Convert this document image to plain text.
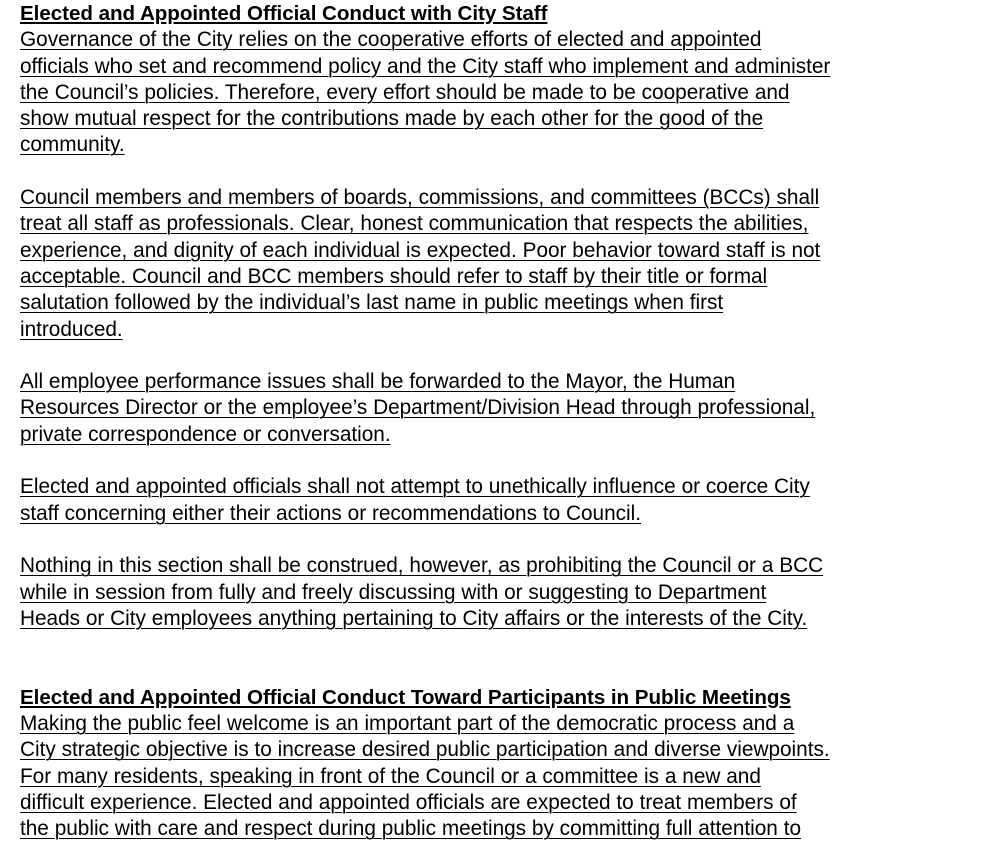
Elected and Appointed Official Conduct with City Staff
Governance of the City relies on the cooperative efforts of elected and appointed
officials who set and recommend policy and the City staff who implement and administer
the Council’s policies. Therefore, every effort should be made to be cooperative and
show mutual respect for the contributions made by each other for the good of the
community.
Council members and members of boards, commissions, and committees (BCCs) shall
treat all staff as professionals. Clear, honest communication that respects the abilities,
experience, and dignity of each individual is expected. Poor behavior toward staff is not
acceptable. Council and BCC members should refer to staff by their title or formal
salutation followed by the individual’s last name in public meetings when first
introduced.
All employee performance issues shall be forwarded to the Mayor, the Human
Resources Director or the employee’s Department/Division Head through professional,
private correspondence or conversation.
Elected and appointed officials shall not attempt to unethically influence or coerce City
staff concerning either their actions or recommendations to Council.
Nothing in this section shall be construed, however, as prohibiting the Council or a BCC
while in session from fully and freely discussing with or suggesting to Department
Heads or City employees anything pertaining to City affairs or the interests of the City.
Elected and Appointed Official Conduct Toward Participants in Public Meetings
Making the public feel welcome is an important part of the democratic process and a
City strategic objective is to increase desired public participation and diverse viewpoints.
For many residents, speaking in front of the Council or a committee is a new and
difficult experience. Elected and appointed officials are expected to treat members of
the public with care and respect during public meetings by committing full attention to
